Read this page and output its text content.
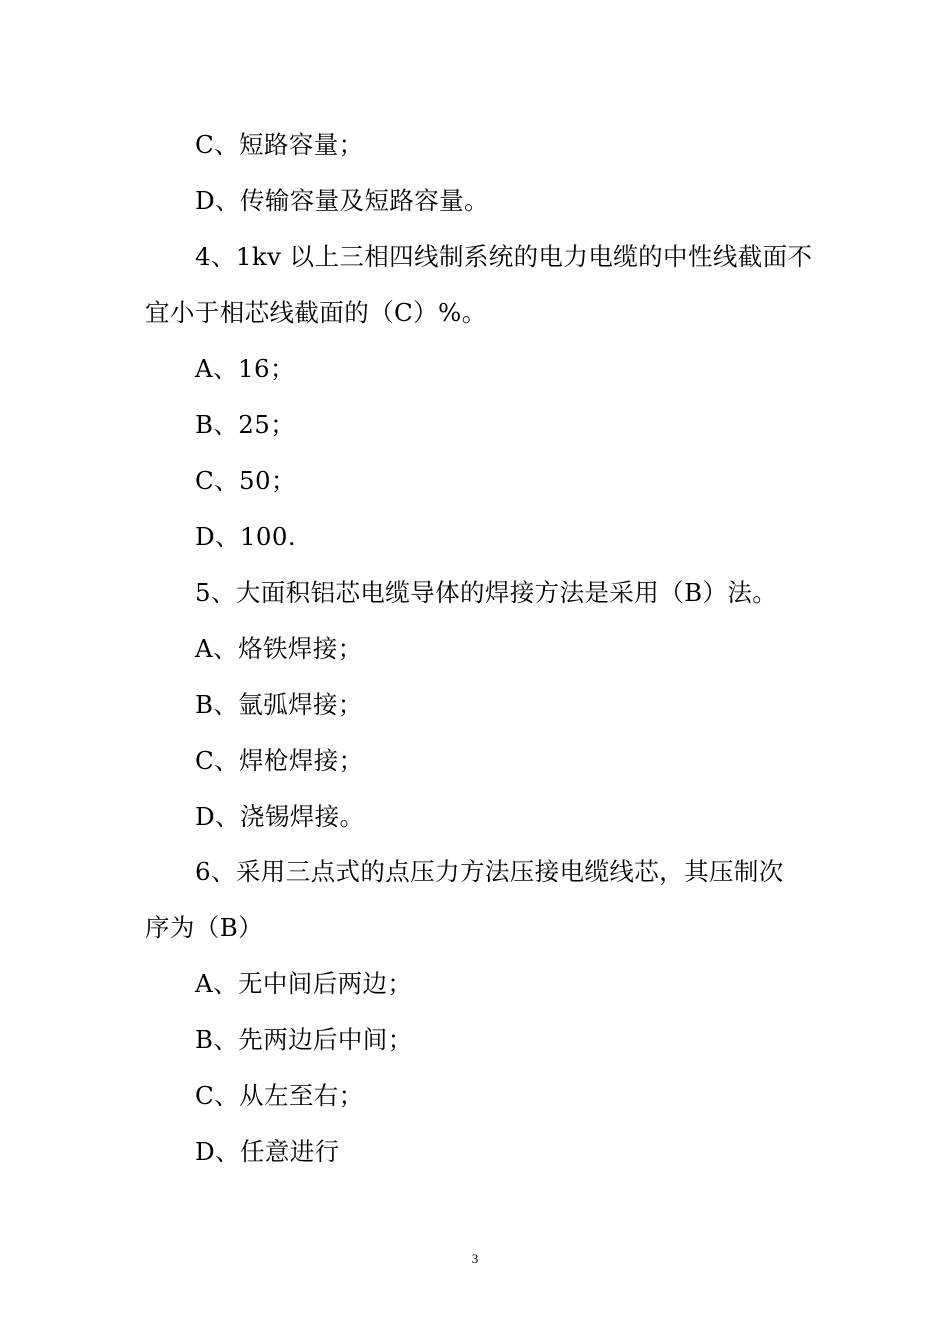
C、短路容量；
D、传输容量及短路容量。
4、1kv 以上三相四线制系统的电力电缆的中性线截面不
宜小于相芯线截面的（C）%。
A、16；
B、25；
C、50；
D、100.
5、大面积铝芯电缆导体的焊接方法是采用（B）法。
A、烙铁焊接；
B、氩弧焊接；
C、焊枪焊接；
D、浇锡焊接。
6、采用三点式的点压力方法压接电缆线芯，其压制次
序为（B）
A、无中间后两边；
B、先两边后中间；
C、从左至右；
D、任意进行
3
